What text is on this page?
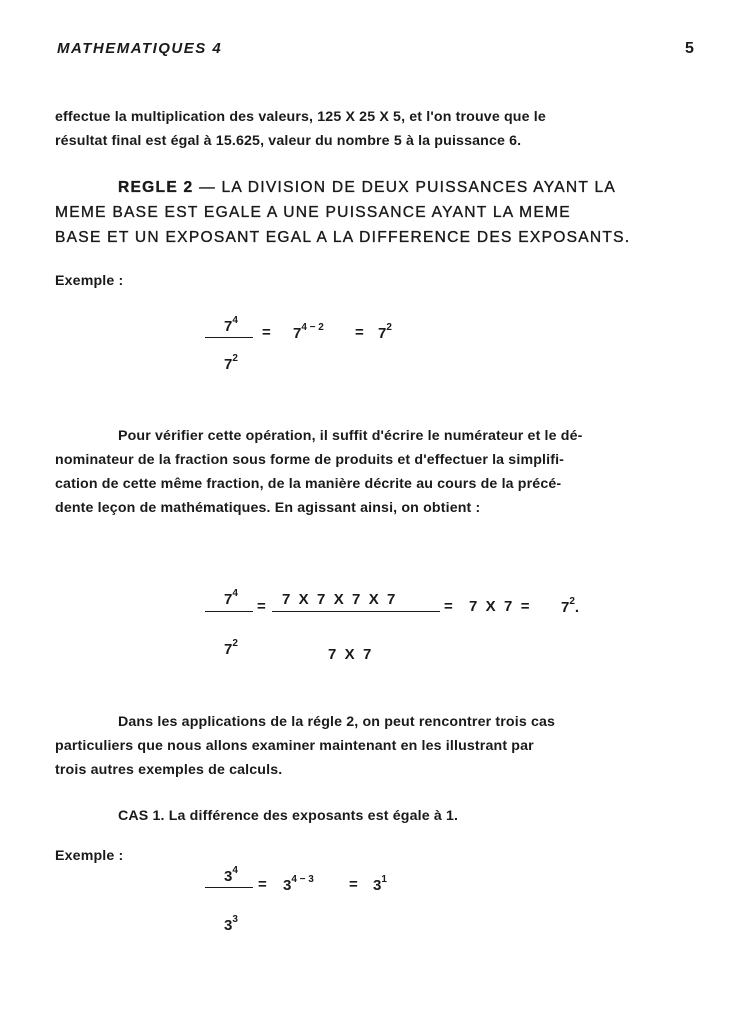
MATHEMATIQUES 4	5
effectue la multiplication des valeurs, 125 X 25 X 5, et l'on trouve que le
résultat final est égal à 15.625, valeur du nombre 5 à la puissance 6.
REGLE 2 — LA DIVISION DE DEUX PUISSANCES AYANT LA
MEME BASE EST EGALE A UNE PUISSANCE AYANT LA MEME
BASE ET UN EXPOSANT EGAL A LA DIFFERENCE DES EXPOSANTS.
Exemple :
$7^4$
= $7^{4 - 2} = 7^2$
$7^2$
Pour vérifier cette opération, il suffit d'écrire le numérateur et le dé-
nominateur de la fraction sous forme de produits et d'effectuer la simplifi-
cation de cette même fraction, de la manière décrite au cours de la précé-
dente leçon de mathématiques. En agissant ainsi, on obtient :
$7^4$
= 7  X  7  X  7  X  7	= 7  X  $7 = 7^2$.
$7^2$
7  X  7
Dans les applications de la régle 2, on peut rencontrer trois cas
particuliers que nous allons examiner maintenant en les illustrant par
trois autres exemples de calculs.
CAS 1. La différence des exposants est égale à 1.
Exemple :
$3^4$
= $3^{4 - 3} = 3^1$
$3^3$
